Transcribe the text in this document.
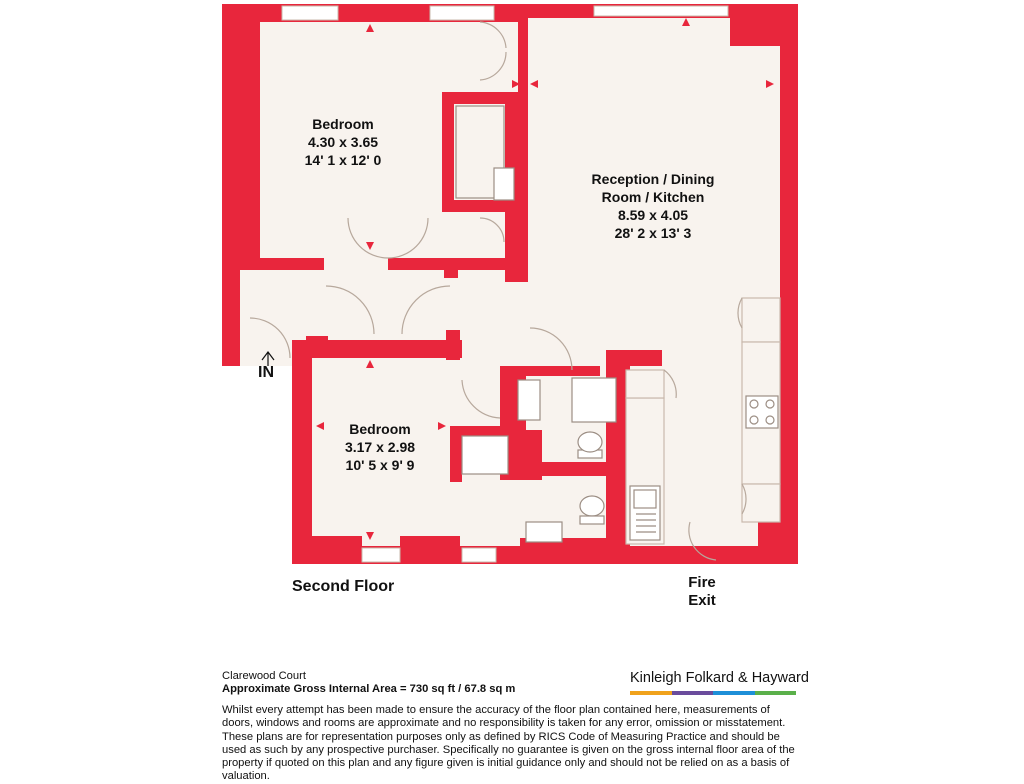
Bedroom
4.30 x 3.65
14' 1 x 12' 0
Reception / Dining
Room / Kitchen
8.59 x 4.05
28' 2 x 13' 3
Bedroom
3.17 x 2.98
10' 5 x 9' 9
IN
Second Floor	Fire
Exit
Clarewood Court
Approximate Gross Internal Area = 730 sq ft / 67.8 sq m
Kinleigh Folkard & Hayward
Whilst every attempt has been made to ensure the accuracy of the floor plan contained here, measurements of doors, windows and rooms are approximate and no responsibility is taken for any error, omission or misstatement. These plans are for representation purposes only as defined by RICS Code of Measuring Practice and should be used as such by any prospective purchaser. Specifically no guarantee is given on the gross internal floor area of the property if quoted on this plan and any figure given is initial guidance only and should not be relied on as a basis of valuation.
